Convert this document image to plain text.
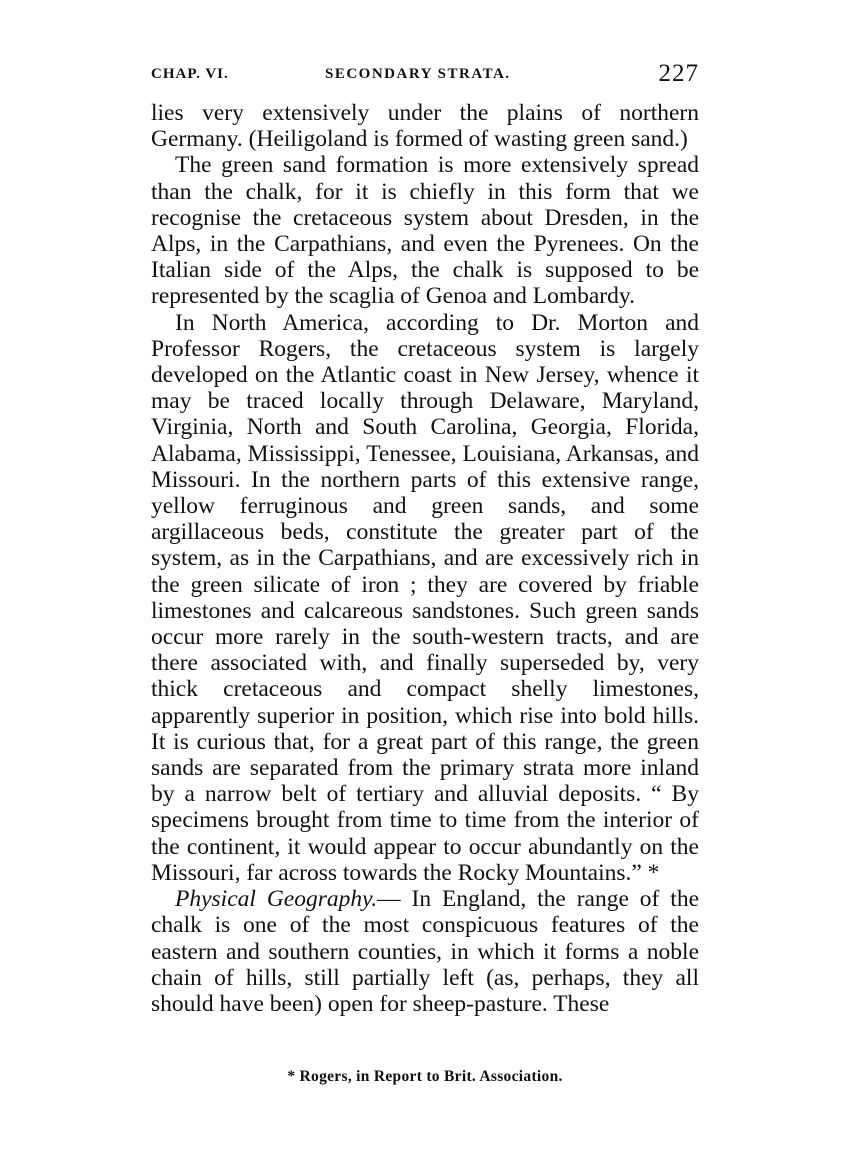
CHAP. VI.	SECONDARY STRATA.	227

lies very extensively under the plains of northern Germany. (Heiligoland is formed of wasting green sand.)

The green sand formation is more extensively spread than the chalk, for it is chiefly in this form that we recognise the cretaceous system about Dresden, in the Alps, in the Carpathians, and even the Pyrenees. On the Italian side of the Alps, the chalk is supposed to be represented by the scaglia of Genoa and Lombardy.

In North America, according to Dr. Morton and Professor Rogers, the cretaceous system is largely developed on the Atlantic coast in New Jersey, whence it may be traced locally through Delaware, Maryland, Virginia, North and South Carolina, Georgia, Florida, Alabama, Mississippi, Tenessee, Louisiana, Arkansas, and Missouri. In the northern parts of this extensive range, yellow ferruginous and green sands, and some argillaceous beds, constitute the greater part of the system, as in the Carpathians, and are excessively rich in the green silicate of iron ; they are covered by friable limestones and calcareous sandstones. Such green sands occur more rarely in the south-western tracts, and are there associated with, and finally superseded by, very thick cretaceous and compact shelly limestones, apparently superior in position, which rise into bold hills. It is curious that, for a great part of this range, the green sands are separated from the primary strata more inland by a narrow belt of tertiary and alluvial deposits. “ By specimens brought from time to time from the interior of the continent, it would appear to occur abundantly on the Missouri, far across towards the Rocky Mountains.” *

Physical Geography.— In England, the range of the chalk is one of the most conspicuous features of the eastern and southern counties, in which it forms a noble chain of hills, still partially left (as, perhaps, they all should have been) open for sheep-pasture. These

* Rogers, in Report to Brit. Association.
